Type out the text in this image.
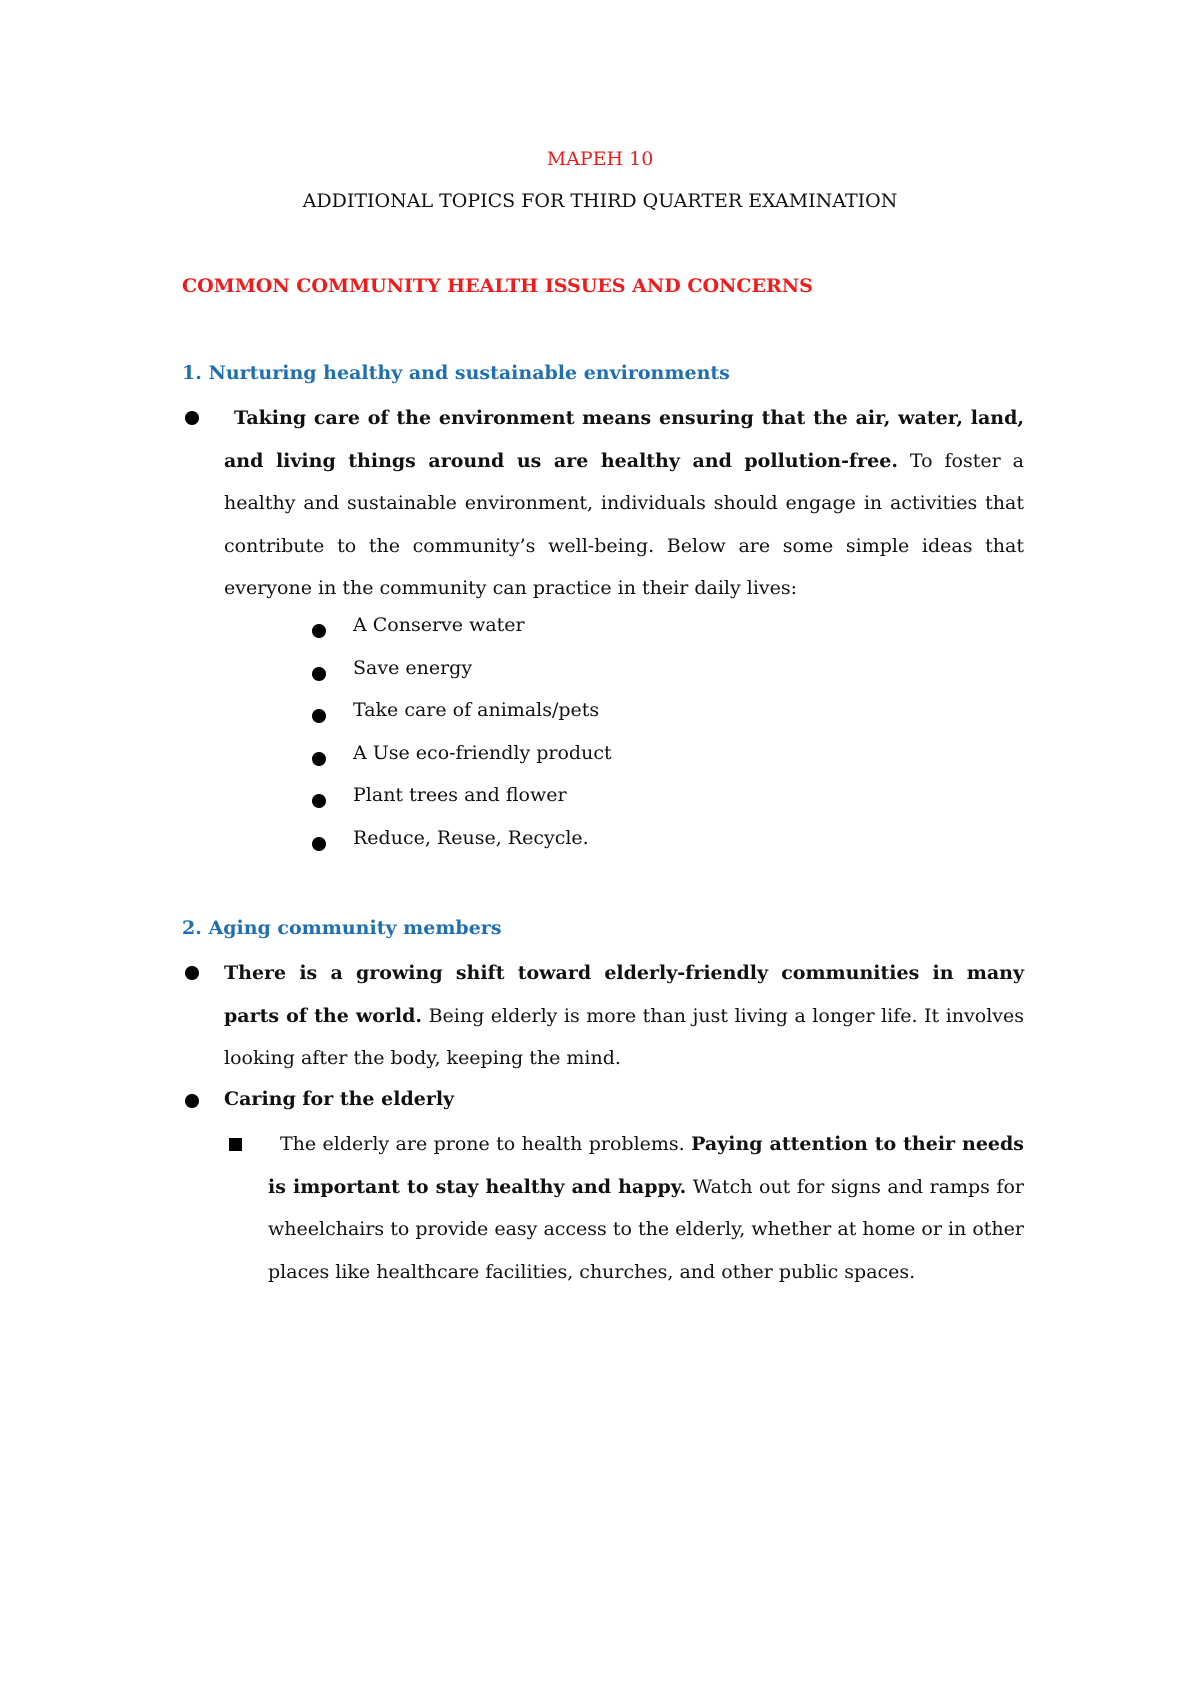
MAPEH 10
ADDITIONAL TOPICS FOR THIRD QUARTER EXAMINATION
COMMON COMMUNITY HEALTH ISSUES AND CONCERNS
1. Nurturing healthy and sustainable environments
Taking care of the environment means ensuring that the air, water, land, and living things around us are healthy and pollution-free. To foster a healthy and sustainable environment, individuals should engage in activities that contribute to the community’s well-being. Below are some simple ideas that everyone in the community can practice in their daily lives:
A Conserve water
Save energy
Take care of animals/pets
A Use eco-friendly product
Plant trees and flower
Reduce, Reuse, Recycle.
2. Aging community members
There is a growing shift toward elderly-friendly communities in many parts of the world. Being elderly is more than just living a longer life. It involves looking after the body, keeping the mind.
Caring for the elderly
The elderly are prone to health problems. Paying attention to their needs is important to stay healthy and happy. Watch out for signs and ramps for wheelchairs to provide easy access to the elderly, whether at home or in other places like healthcare facilities, churches, and other public spaces.
